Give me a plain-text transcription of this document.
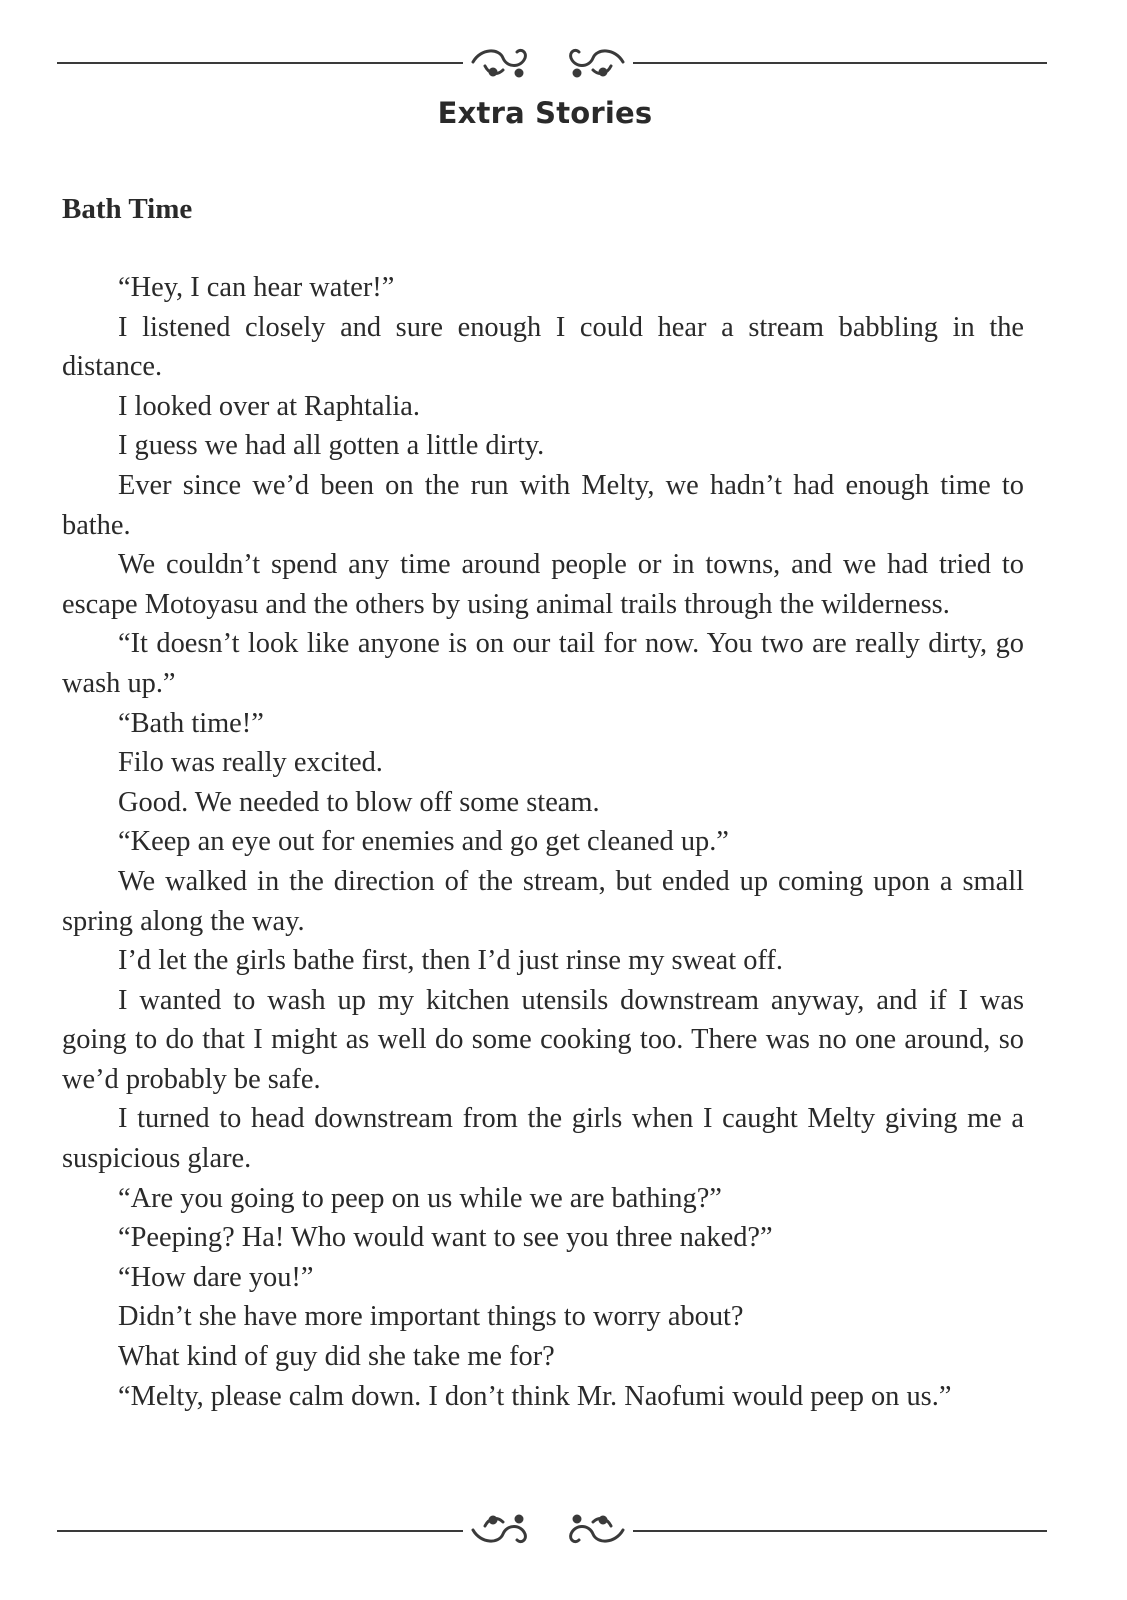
Extra Stories
Bath Time

“Hey, I can hear water!”

I listened closely and sure enough I could hear a stream babbling in the distance.

I looked over at Raphtalia.

I guess we had all gotten a little dirty.

Ever since we’d been on the run with Melty, we hadn’t had enough time to bathe.

We couldn’t spend any time around people or in towns, and we had tried to escape Motoyasu and the others by using animal trails through the wilderness.

“It doesn’t look like anyone is on our tail for now. You two are really dirty, go wash up.”

“Bath time!”

Filo was really excited.

Good. We needed to blow off some steam.

“Keep an eye out for enemies and go get cleaned up.”

We walked in the direction of the stream, but ended up coming upon a small spring along the way.

I’d let the girls bathe first, then I’d just rinse my sweat off.

I wanted to wash up my kitchen utensils downstream anyway, and if I was going to do that I might as well do some cooking too. There was no one around, so we’d probably be safe.

I turned to head downstream from the girls when I caught Melty giving me a suspicious glare.

“Are you going to peep on us while we are bathing?”

“Peeping? Ha! Who would want to see you three naked?”

“How dare you!”

Didn’t she have more important things to worry about?

What kind of guy did she take me for?

“Melty, please calm down. I don’t think Mr. Naofumi would peep on us.”
